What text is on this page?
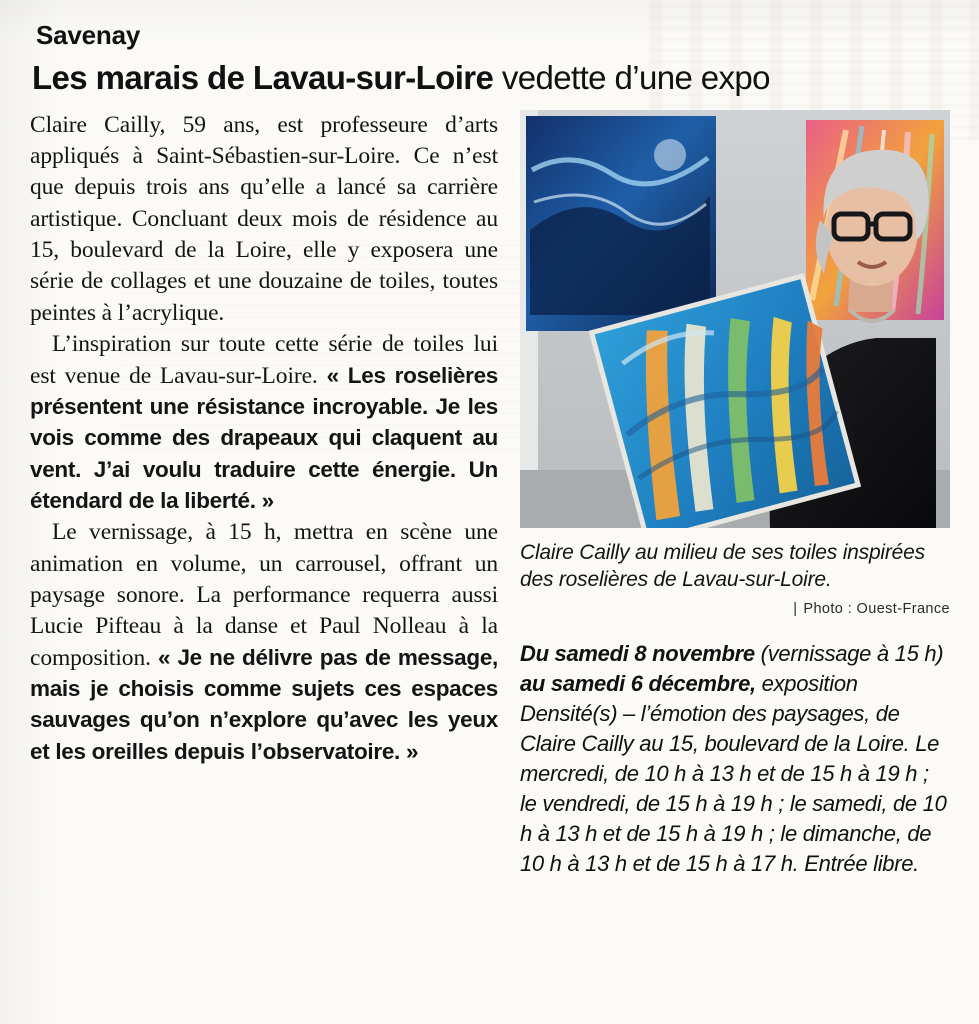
Savenay
Les marais de Lavau-sur-Loire vedette d’une expo

Claire Cailly, 59 ans, est professeure d’arts appliqués à Saint-Sébastien-sur-Loire. Ce n’est que depuis trois ans qu’elle a lancé sa carrière artistique. Concluant deux mois de résidence au 15, boulevard de la Loire, elle y exposera une série de collages et une douzaine de toiles, toutes peintes à l’acrylique.

L’inspiration sur toute cette série de toiles lui est venue de Lavau-sur-Loire. « Les roselières présentent une résistance incroyable. Je les vois comme des drapeaux qui claquent au vent. J’ai voulu traduire cette énergie. Un étendard de la liberté. »

Le vernissage, à 15 h, mettra en scène une animation en volume, un carrousel, offrant un paysage sonore. La performance requerra aussi Lucie Pifteau à la danse et Paul Nolleau à la composition. « Je ne délivre pas de message, mais je choisis comme sujets ces espaces sauvages qu’on n’explore qu’avec les yeux et les oreilles depuis l’observatoire. »

Claire Cailly au milieu de ses toiles inspirées des roselières de Lavau-sur-Loire.
| Photo : Ouest-France
Du samedi 8 novembre (vernissage à 15 h) au samedi 6 décembre, exposition Densité(s) – l’émotion des paysages, de Claire Cailly au 15, boulevard de la Loire. Le mercredi, de 10 h à 13 h et de 15 h à 19 h ; le vendredi, de 15 h à 19 h ; le samedi, de 10 h à 13 h et de 15 h à 19 h ; le dimanche, de 10 h à 13 h et de 15 h à 17 h. Entrée libre.
